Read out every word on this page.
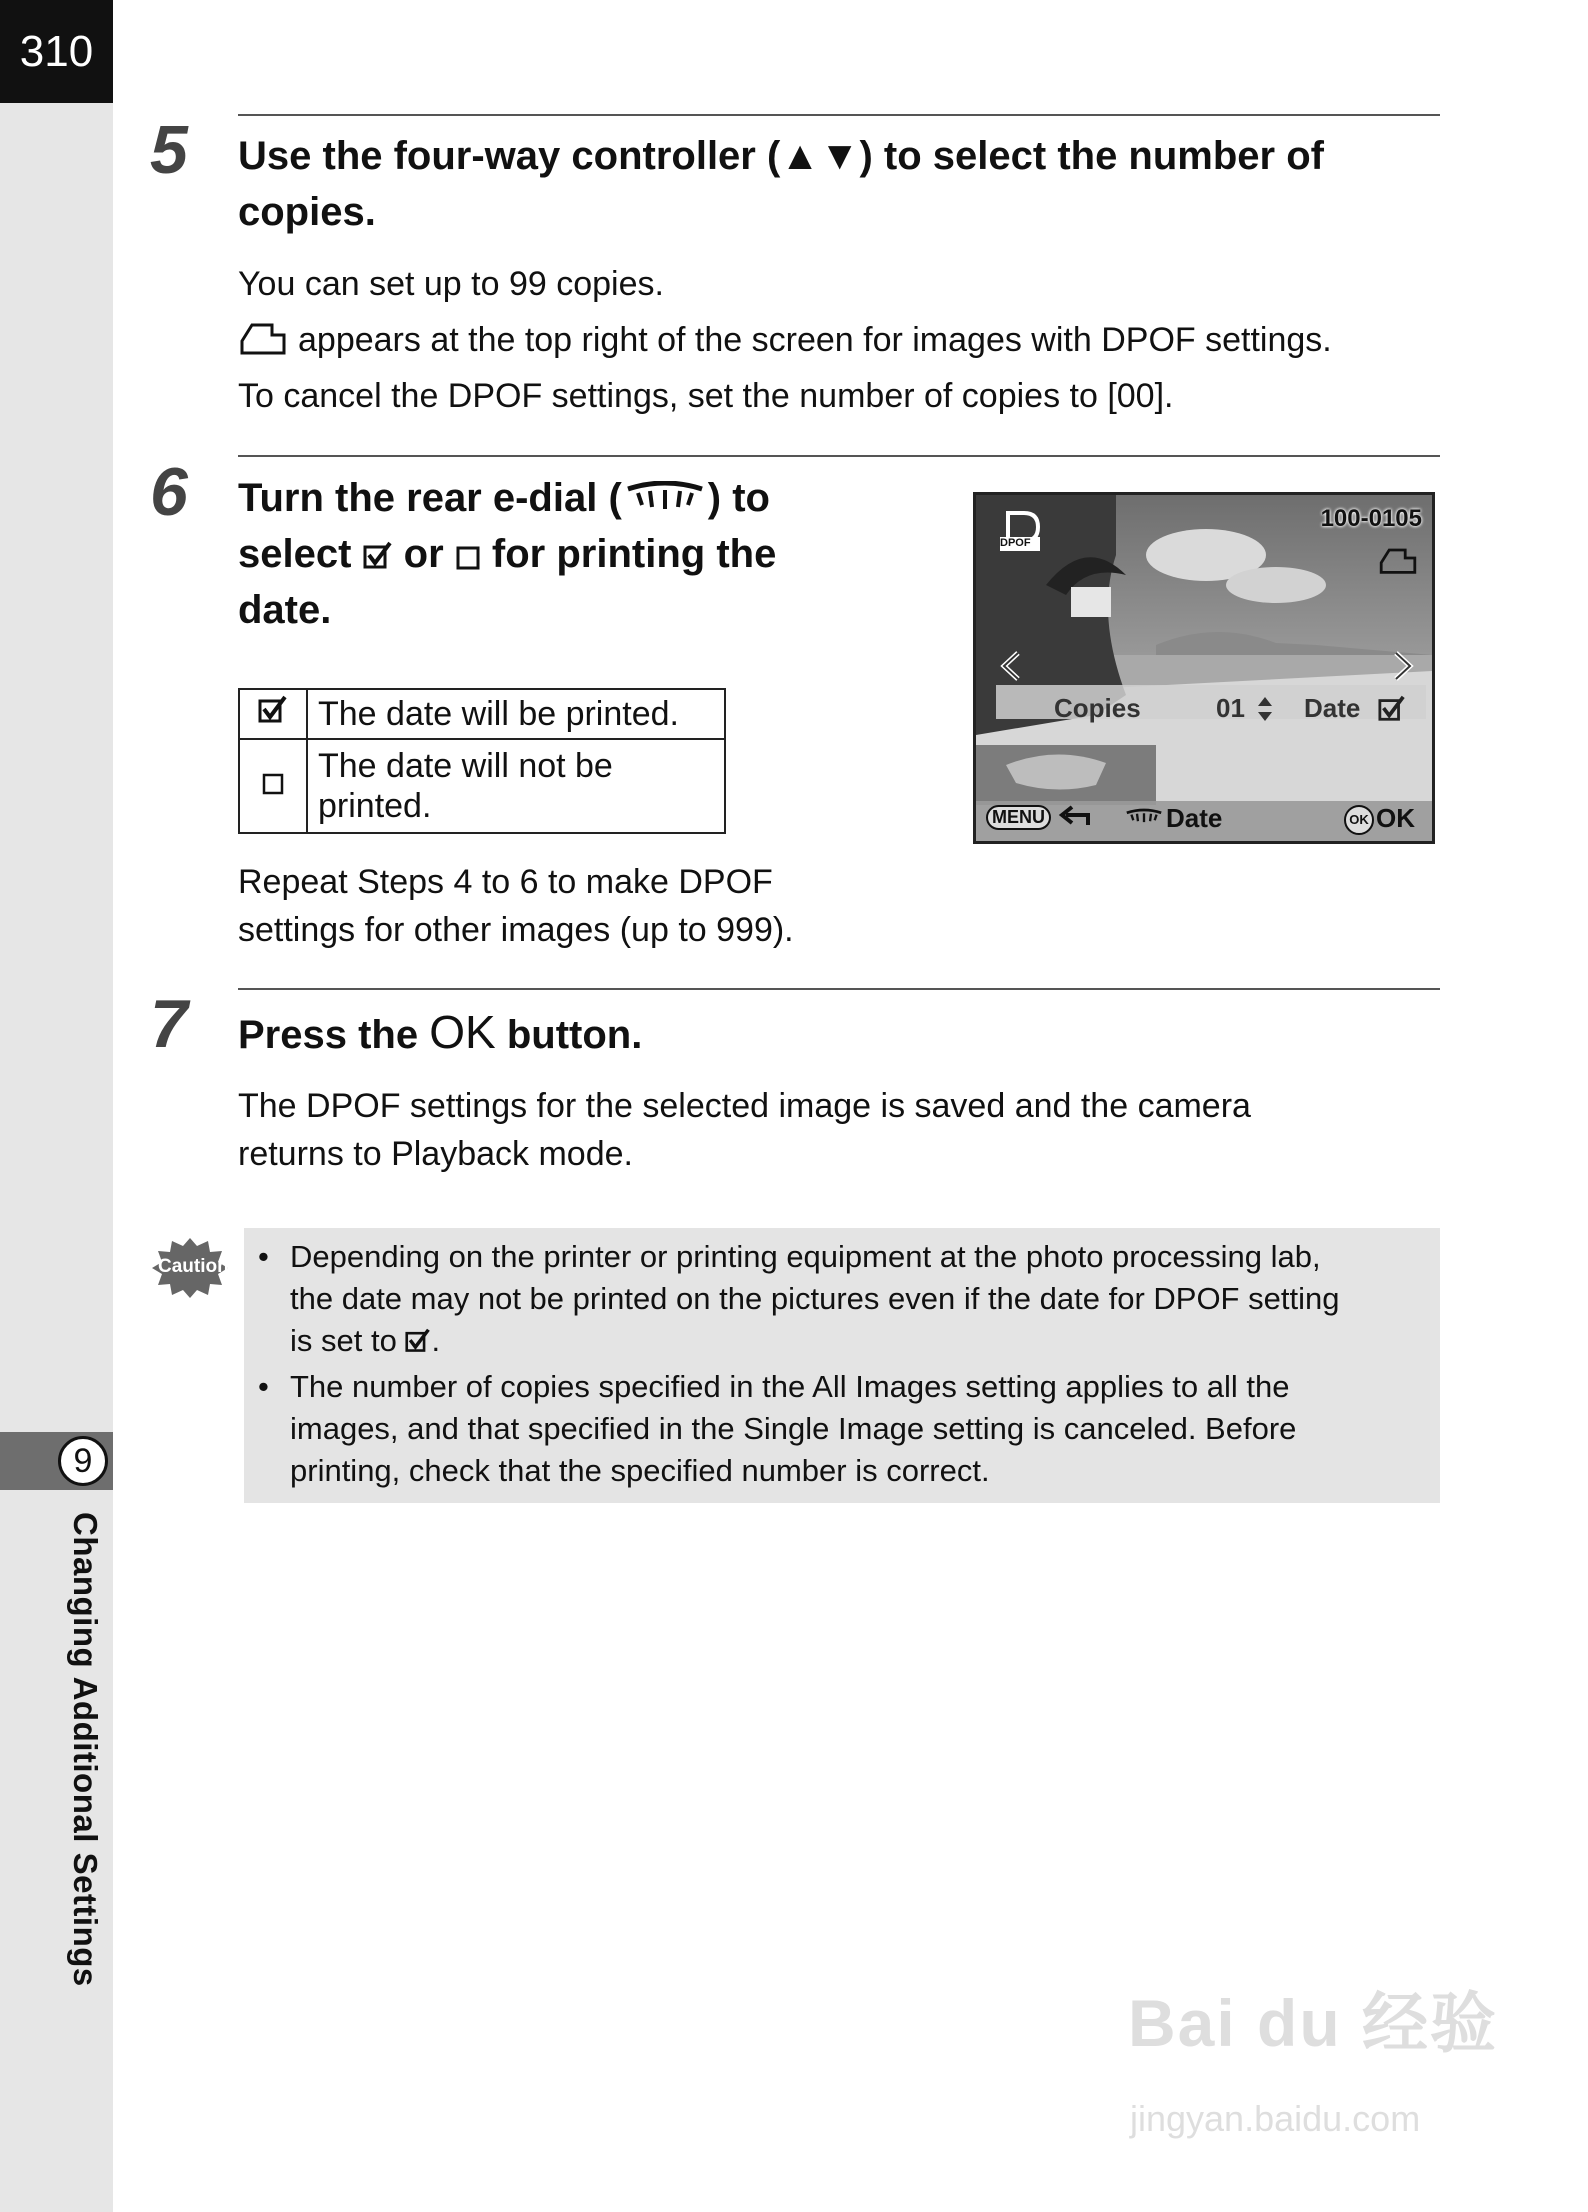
310
9
Changing Additional Settings
5 Use the four-way controller (▲▼) to select the number of
copies.
You can set up to 99 copies.
appears at the top right of the screen for images with DPOF settings.
To cancel the DPOF settings, set the number of copies to [00].
6 Turn the rear e-dial ( ) to
select or for printing the
date.
	The date will be printed.
	The date will not be printed.
Repeat Steps 4 to 6 to make DPOF
settings for other images (up to 999).
DPOF
100-0105
Copies	01 Date
MENU	Date	OK OK
7 Press the OK button.
The DPOF settings for the selected image is saved and the camera
returns to Playback mode.
Caution • Depending on the printer or printing equipment at the photo processing lab,
the date may not be printed on the pictures even if the date for DPOF setting
is set to .
• The number of copies specified in the All Images setting applies to all the
images, and that specified in the Single Image setting is canceled. Before
printing, check that the specified number is correct.
Bai du 经验
jingyan.baidu.com
